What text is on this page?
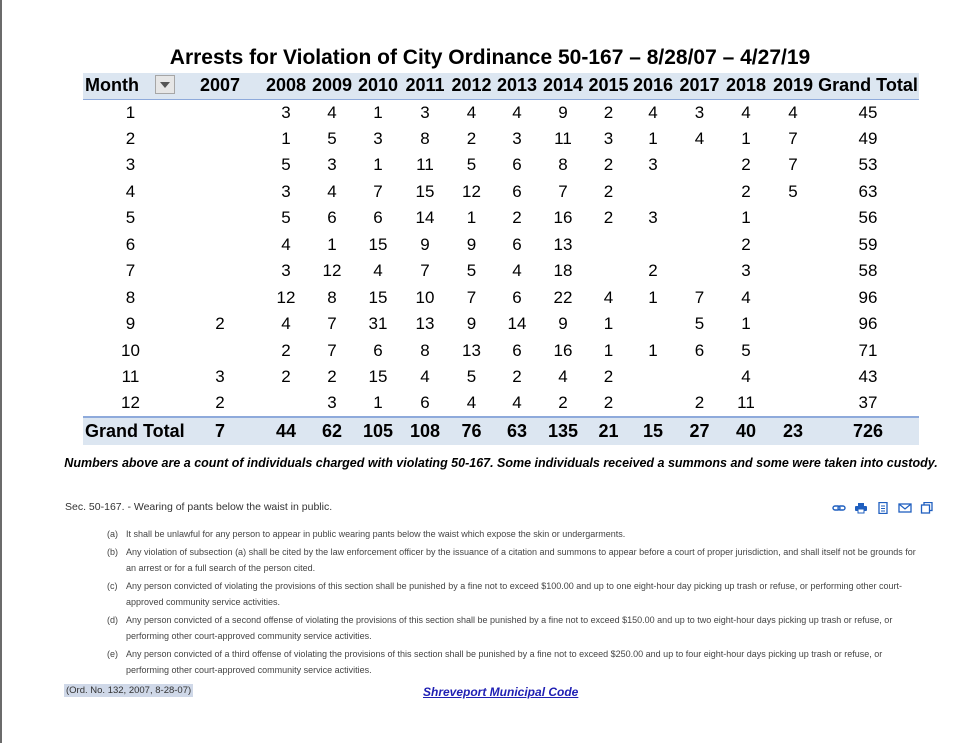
Arrests for Violation of City Ordinance 50-167 – 8/28/07 – 4/27/19
Month	2007	2008	2009	2010	2011	2012	2013	2014	2015	2016	2017	2018	2019	Grand Total
1		3	4	1	3	4	4	9	2	4	3	4	4	45
2		1	5	3	8	2	3	11	3	1	4	1	7	49
3		5	3	1	11	5	6	8	2	3		2	7	53
4		3	4	7	15	12	6	7	2			2	5	63
5		5	6	6	14	1	2	16	2	3		1		56
6		4	1	15	9	9	6	13				2		59
7		3	12	4	7	5	4	18		2		3		58
8		12	8	15	10	7	6	22	4	1	7	4		96
9	2	4	7	31	13	9	14	9	1		5	1		96
10		2	7	6	8	13	6	16	1	1	6	5		71
11	3	2	2	15	4	5	2	4	2			4		43
12	2		3	1	6	4	4	2	2		2	11		37
Grand Total	7	44	62	105	108	76	63	135	21	15	27	40	23	726
Numbers above are a count of individuals charged with violating 50-167. Some individuals received a summons and some were taken into custody.
Sec. 50-167. - Wearing of pants below the waist in public.
(a) It shall be unlawful for any person to appear in public wearing pants below the waist which expose the skin or undergarments.
(b) Any violation of subsection (a) shall be cited by the law enforcement officer by the issuance of a citation and summons to appear before a court of proper jurisdiction, and shall itself not be grounds for an arrest or for a full search of the person cited.
(c) Any person convicted of violating the provisions of this section shall be punished by a fine not to exceed $100.00 and up to one eight-hour day picking up trash or refuse, or performing other court-approved community service activities.
(d) Any person convicted of a second offense of violating the provisions of this section shall be punished by a fine not to exceed $150.00 and up to two eight-hour days picking up trash or refuse, or performing other court-approved community service activities.
(e) Any person convicted of a third offense of violating the provisions of this section shall be punished by a fine not to exceed $250.00 and up to four eight-hour days picking up trash or refuse, or performing other court-approved community service activities.
(Ord. No. 132, 2007, 8-28-07)	Shreveport Municipal Code
